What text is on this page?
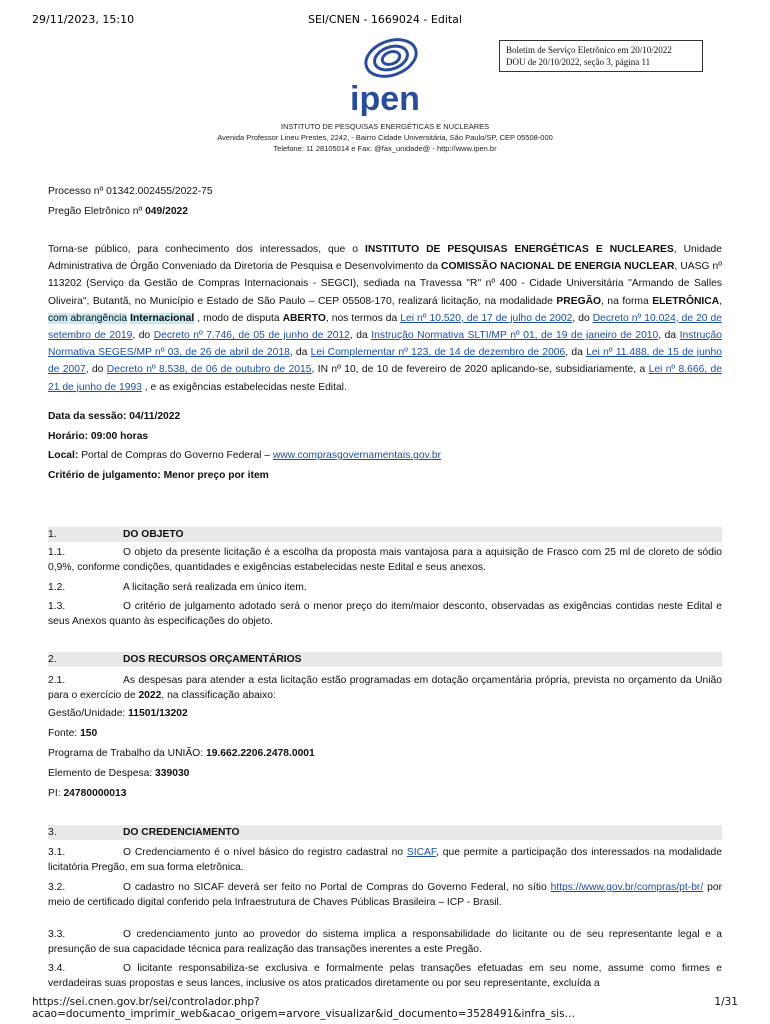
29/11/2023, 15:10	SEI/CNEN - 1669024 - Edital
Boletim de Serviço Eletrônico em 20/10/2022
DOU de 20/10/2022, seção 3, página 11
ipen
INSTITUTO DE PESQUISAS ENERGÉTICAS E NUCLEARES
Avenida Professor Lineu Prestes, 2242, - Bairro Cidade Universitária, São Paulo/SP, CEP 05508-000
Telefone: 11 28105014 e Fax: @fax_unidade@ - http://www.ipen.br

Processo nº 01342.002455/2022-75

Pregão Eletrônico nº 049/2022

Torna-se público, para conhecimento dos interessados, que o INSTITUTO DE PESQUISAS ENERGÉTICAS E NUCLEARES, Unidade Administrativa de Órgão Conveniado da Diretoria de Pesquisa e Desenvolvimento da COMISSÃO NACIONAL DE ENERGIA NUCLEAR, UASG nº 113202 (Serviço da Gestão de Compras Internacionais - SEGCI), sediada na Travessa "R" nº 400 - Cidade Universitária "Armando de Salles Oliveira", Butantã, no Município e Estado de São Paulo – CEP 05508-170, realizará licitação, na modalidade PREGÃO, na forma ELETRÔNICA, com abrangência Internacional , modo de disputa ABERTO, nos termos da Lei nº 10.520, de 17 de julho de 2002, do Decreto nº 10.024, de 20 de setembro de 2019, do Decreto nº 7.746, de 05 de junho de 2012, da Instrução Normativa SLTI/MP nº 01, de 19 de janeiro de 2010, da Instrução Normativa SEGES/MP nº 03, de 26 de abril de 2018, da Lei Complementar nº 123, de 14 de dezembro de 2006, da Lei nº 11.488, de 15 de junho de 2007, do Decreto nº 8.538, de 06 de outubro de 2015, IN nº 10, de 10 de fevereiro de 2020 aplicando-se, subsidiariamente, a Lei nº 8.666, de 21 de junho de 1993 , e as exigências estabelecidas neste Edital.

Data da sessão: 04/11/2022

Horário: 09:00 horas

Local: Portal de Compras do Governo Federal – www.comprasgovernamentais.gov.br

Critério de julgamento: Menor preço por item

1.	DO OBJETO
1.1.	O objeto da presente licitação é a escolha da proposta mais vantajosa para a aquisição de Frasco com 25 ml de cloreto de sódio 0,9%, conforme condições, quantidades e exigências estabelecidas neste Edital e seus anexos.
1.2.	A licitação será realizada em único item.
1.3.	O critério de julgamento adotado será o menor preço do item/maior desconto, observadas as exigências contidas neste Edital e seus Anexos quanto às especificações do objeto.
2.	DOS RECURSOS ORÇAMENTÁRIOS
2.1.	As despesas para atender a esta licitação estão programadas em dotação orçamentária própria, prevista no orçamento da União para o exercício de 2022, na classificação abaixo:
Gestão/Unidade: 11501/13202
Fonte: 150
Programa de Trabalho da UNIÃO: 19.662.2206.2478.0001
Elemento de Despesa: 339030
PI: 24780000013
3.	DO CREDENCIAMENTO
3.1.	O Credenciamento é o nível básico do registro cadastral no SICAF, que permite a participação dos interessados na modalidade licitatória Pregão, em sua forma eletrônica.
3.2.	O cadastro no SICAF deverá ser feito no Portal de Compras do Governo Federal, no sítio https://www.gov.br/compras/pt-br/ por meio de certificado digital conferido pela Infraestrutura de Chaves Públicas Brasileira – ICP - Brasil.
3.3.	O credenciamento junto ao provedor do sistema implica a responsabilidade do licitante ou de seu representante legal e a presunção de sua capacidade técnica para realização das transações inerentes a este Pregão.
3.4.	O licitante responsabiliza-se exclusiva e formalmente pelas transações efetuadas em seu nome, assume como firmes e verdadeiras suas propostas e seus lances, inclusive os atos praticados diretamente ou por seu representante, excluída a
https://sei.cnen.gov.br/sei/controlador.php?acao=documento_imprimir_web&acao_origem=arvore_visualizar&id_documento=3528491&infra_sis…
1/31
